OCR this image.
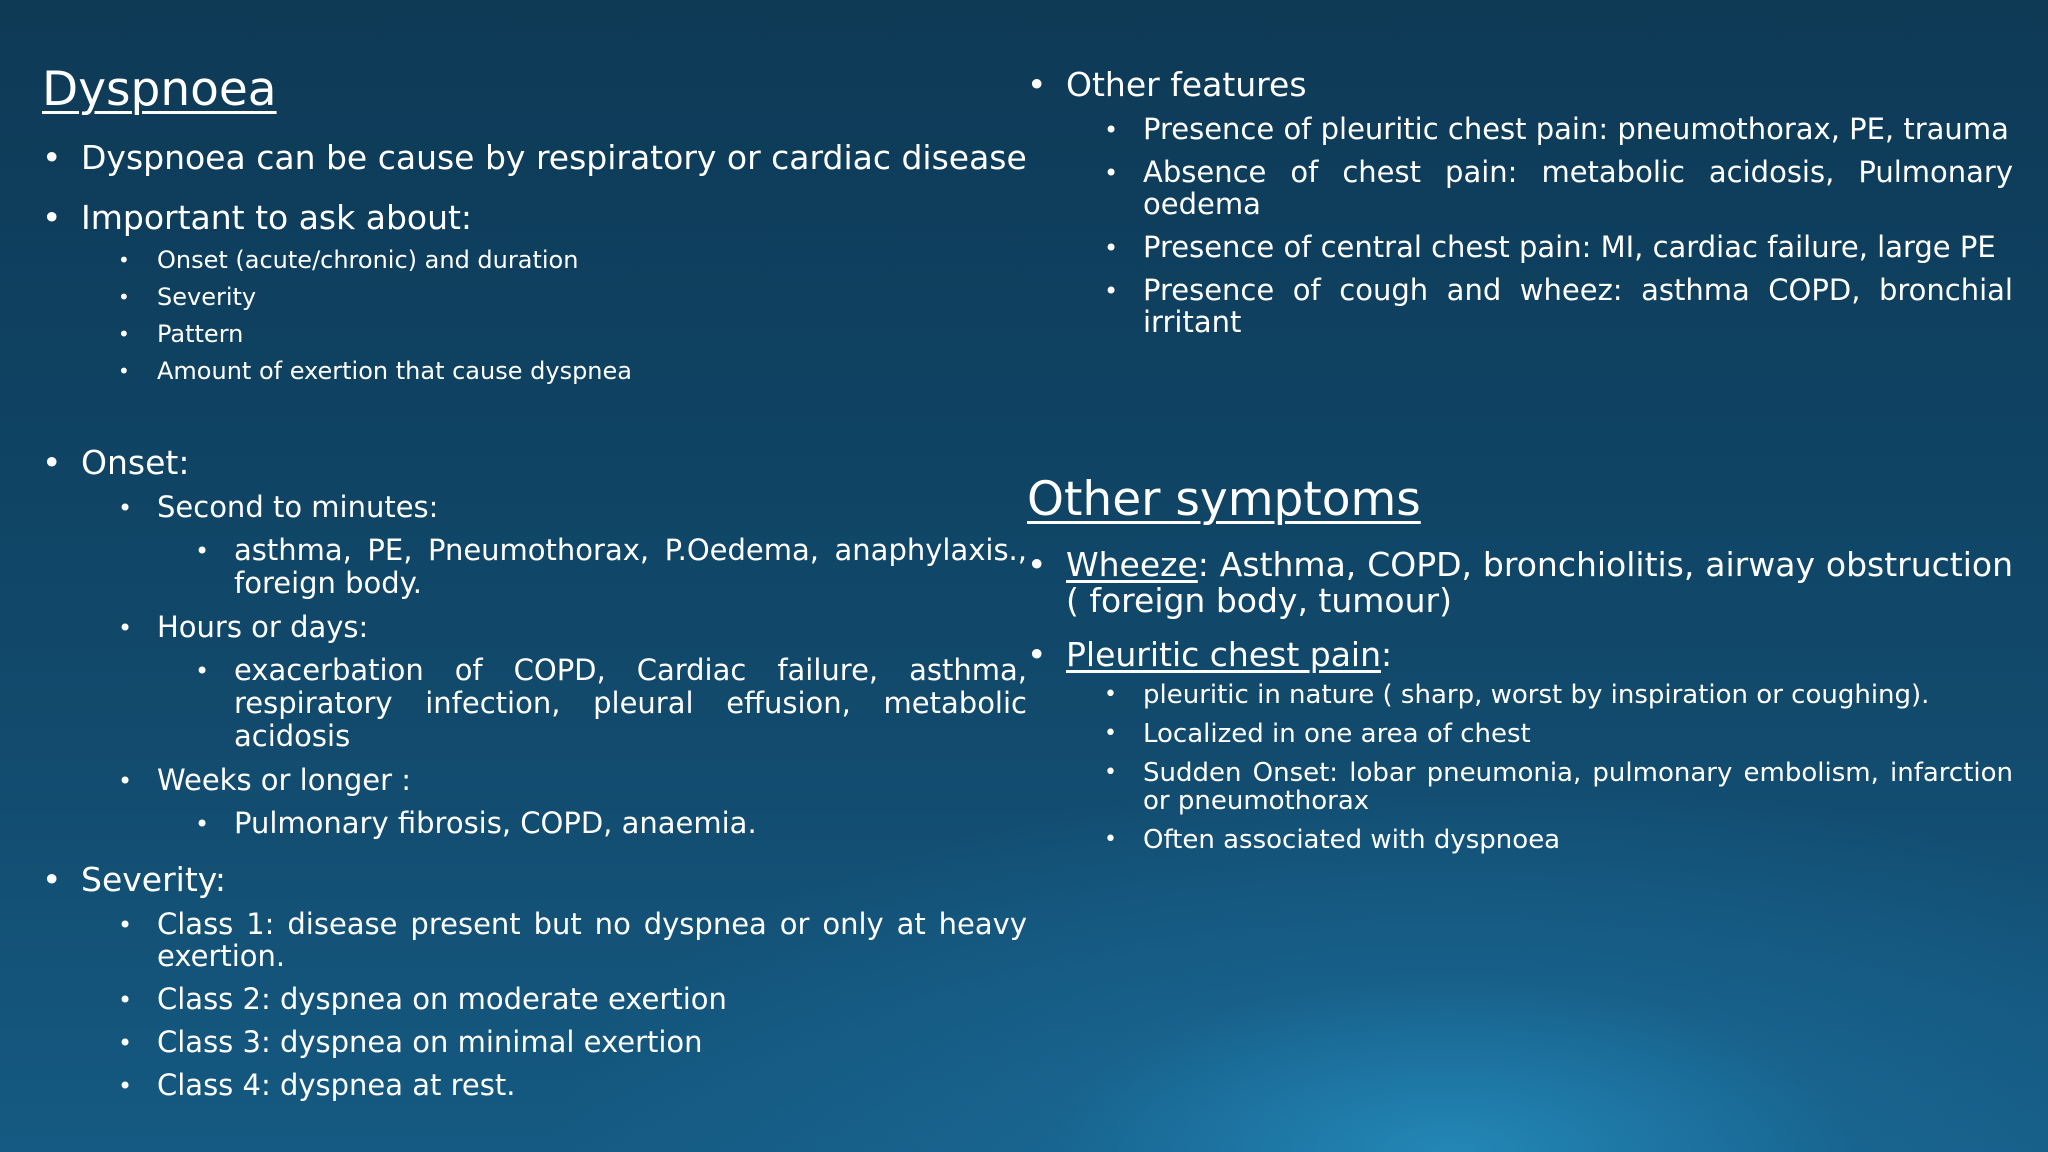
Dyspnoea
• Dyspnoea can be cause by respiratory or cardiac disease
• Important to ask about:
• Onset (acute/chronic) and duration
• Severity
• Pattern
• Amount of exertion that cause dyspnea
• Onset:
• Second to minutes:
• asthma, PE, Pneumothorax, P.Oedema, anaphylaxis., foreign body.
• Hours or days:
• exacerbation of COPD, Cardiac failure, asthma, respiratory infection, pleural effusion, metabolic acidosis
• Weeks or longer :
• Pulmonary fibrosis, COPD, anaemia.
• Severity:
• Class 1: disease present but no dyspnea or only at heavy exertion.
• Class 2: dyspnea on moderate exertion
• Class 3: dyspnea on minimal exertion
• Class 4: dyspnea at rest.
• Other features
• Presence of pleuritic chest pain: pneumothorax, PE, trauma
• Absence of chest pain: metabolic acidosis, Pulmonary oedema
• Presence of central chest pain: MI, cardiac failure, large PE
• Presence of cough and wheez: asthma COPD, bronchial irritant
Other symptoms
• Wheeze: Asthma, COPD, bronchiolitis, airway obstruction ( foreign body, tumour)
• Pleuritic chest pain:
• pleuritic in nature ( sharp, worst by inspiration or coughing).
• Localized in one area of chest
• Sudden Onset: lobar pneumonia, pulmonary embolism, infarction or pneumothorax
• Often associated with dyspnoea
